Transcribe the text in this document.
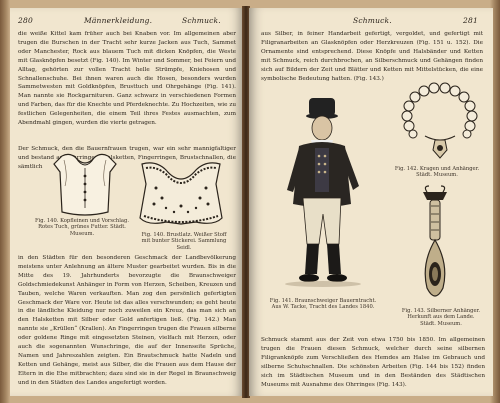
280	Männerkleidung.	Schmuck.

die weiße Kittel kam früher auch bei Knaben vor. Im allgemeinen aber trugen die Burschen in der Tracht sehr kurze Jacken aus Tuch, Sammet oder Manchester, Rock aus blauem Tuch mit dicken Knöpfen, die Weste mit Glasknöpfen besetzt (Fig. 140). Im Winter und Sommer, bei Feiern und Alltag, gehörten zur vollen Tracht helle Strümpfe, Kniehosen und Schnallenschuhe. Bei ihnen waren auch die Hosen, besonders wurden Sammetwesten mit Goldknöpfen, Brusttuch und Ohrgehänge (Fig. 141). Man nannte sie Rockgarnituren. Ganz schwarz in verschiedenen Formen und Farben, das für die Knechte und Pferdeknechte. Zu Hochzeiten, wie zu festlichen Gelegenheiten, die einem Teil ihres Festes ausmachten, zum Abendmahl gingen, wurden die vierte getragen.

Der Schmuck, den die Bauernfrauen trugen, war ein sehr mannigfaltiger und bestand aus Ohrringen, Halsketten, Fingerringen, Brustschnallen, die sämtlich

Fig. 140. Kopfleinen und Vorschlag. Rotes Tuch, grünes Futter. Städt. Museum.	Fig. 140. Brustlatz. Weißer Stoff mit bunter Stickerei. Sammlung Seidl.

in den Städten für den besonderen Geschmack der Landbevölkerung meistens unter Anlehnung an ältere Muster gearbeitet wurden. Bis in die Mitte des 19. Jahrhunderts bevorzugte die Braunschweiger Goldschmiedekunst Anhänger in Form von Herzen, Scheiben, Kreuzen und Tauben, welche Waren verkauften. Man zog den persönlich gefertigten Geschmack der Ware vor. Heute ist das alles verschwunden; es geht heute in die ländliche Kleidung nur noch zuweilen ein Kreuz, das man sich an den Halsketten mit Silber oder Gold anfertigen ließ. (Fig. 142.) Man nannte sie „Krüllen“ (Krallen). An Fingerringen trugen die Frauen silberne oder goldene Ringe mit eingesetzten Steinen, vielfach mit Herzen, oder auch die sogenannten Wunschringe, die auf der Innenseite Sprüche, Namen und Jahreszahlen zeigten. Ein Brautschmuck hatte Nadeln und Ketten und Gehänge, meist aus Silber, die die Frauen aus dem Hause der Eltern in die Ehe mitbrachten; dazu sind sie in der Regel in Braunschweig und in den Städten des Landes angefertigt worden.

Schmuck.	281

aus Silber, in feiner Handarbeit gefertigt, vergoldet, und gefertigt mit Filigranarbeiten an Glasknöpfen oder Herzkreuzen (Fig. 151 u. 152). Die Ornamente sind entsprechend. Diese Knöpfe und Halsbänder und Ketten mit Schmuck, reich durchbrochen, an Silberschmuck und Gehängen finden sich auf Bildern der Zeit und Blätter und Ketten mit Mittelstücken, die eine symbolische Bedeutung hatten. (Fig. 143.)

Fig. 141. Braunschweiger Bauerntracht. Aus W. Tacke, Tracht des Landes 1840.
Fig. 142. Kragen und Anhänger. Städt. Museum.
Fig. 143. Silberner Anhänger. Herkunft aus dem Lande. Städt. Museum.

Schmuck stammt aus der Zeit von etwa 1750 bis 1850. Im allgemeinen trugen die Frauen diesen Schmuck, welcher durch seine silbernen Filigranknöpfe zum Verschließen des Hemdes am Halse im Gebrauch und silberne Schuhschnallen. Die schönsten Arbeiten (Fig. 144 bis 152) finden sich im Städtischen Museum und in den Beständen des Städtischen Museums mit Ausnahme des Ohrringes (Fig. 143).
